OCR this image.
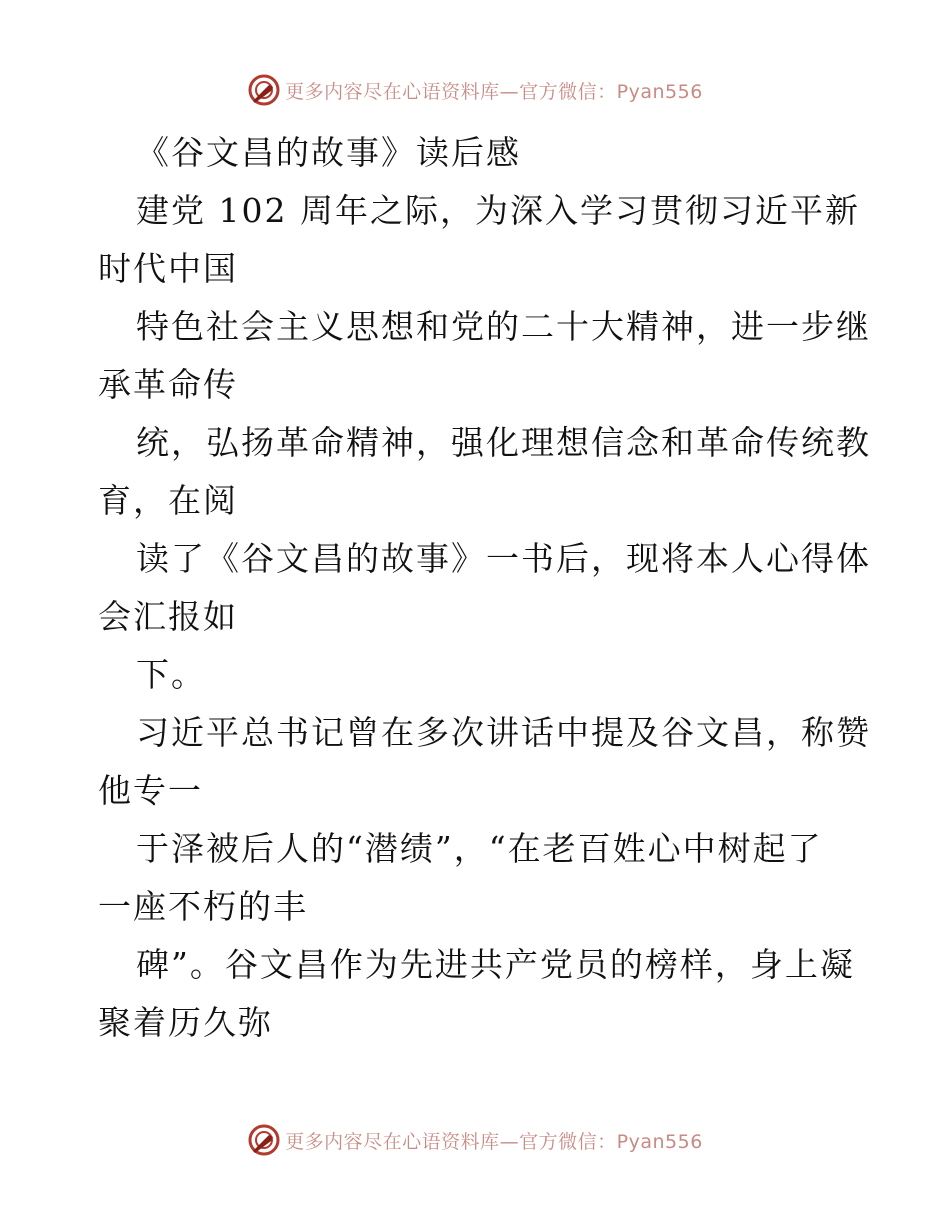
更多内容尽在心语资料库—官方微信：Pyan556
《谷文昌的故事》读后感
建党 102 周年之际，为深入学习贯彻习近平新
时代中国
特色社会主义思想和党的二十大精神，进一步继
承革命传
统，弘扬革命精神，强化理想信念和革命传统教
育，在阅
读了《谷文昌的故事》一书后，现将本人心得体
会汇报如
下。
习近平总书记曾在多次讲话中提及谷文昌，称赞
他专一
于泽被后人的“潜绩”，“在老百姓心中树起了
一座不朽的丰
碑”。谷文昌作为先进共产党员的榜样，身上凝
聚着历久弥
更多内容尽在心语资料库—官方微信：Pyan556
